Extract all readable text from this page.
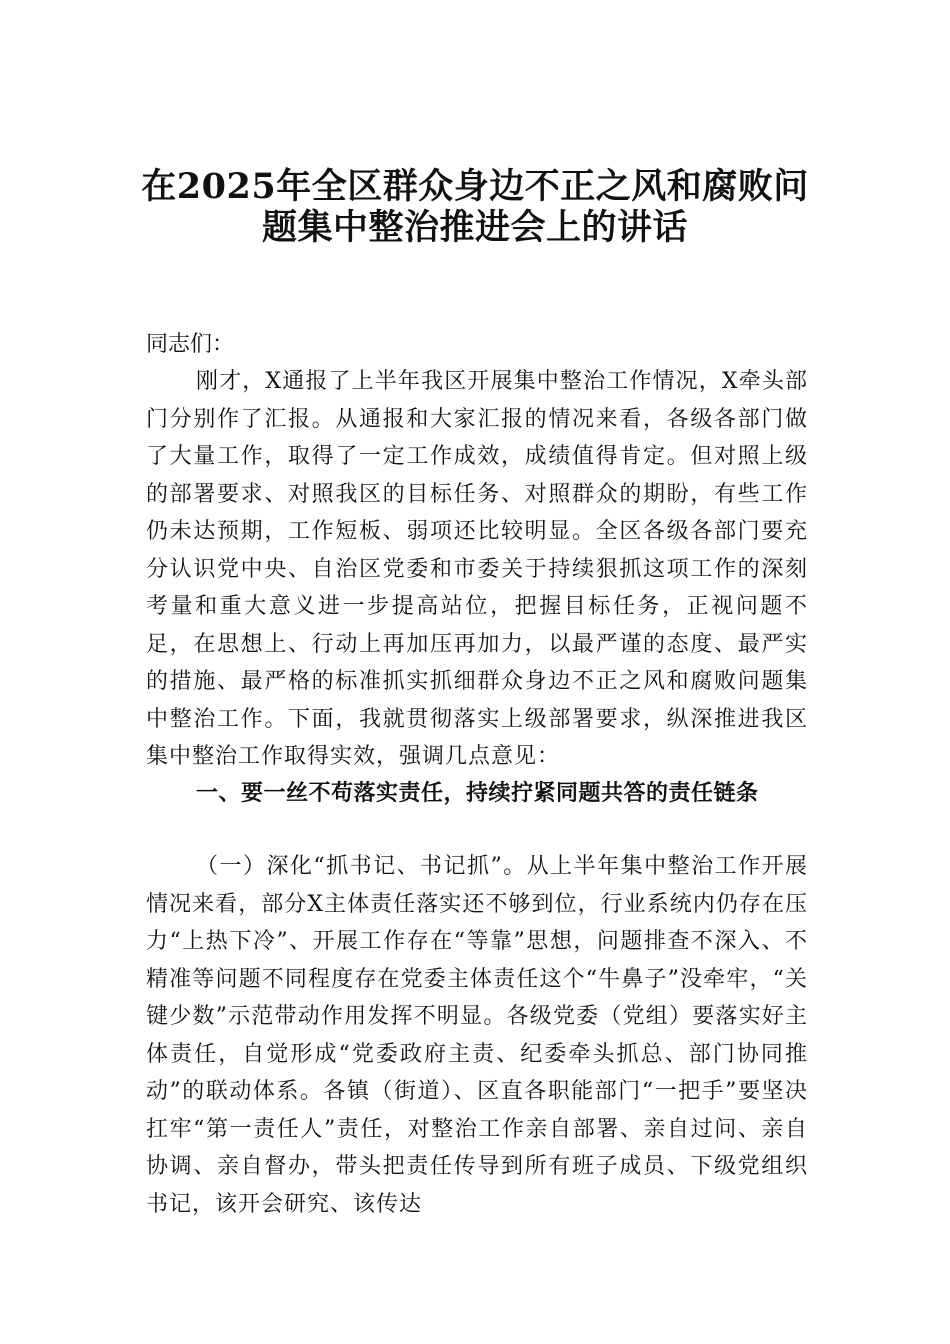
在2025年全区群众身边不正之风和腐败问
题集中整治推进会上的讲话

同志们：

刚才，X通报了上半年我区开展集中整治工作情况，X牵头部门分别作了汇报。从通报和大家汇报的情况来看，各级各部门做了大量工作，取得了一定工作成效，成绩值得肯定。但对照上级的部署要求、对照我区的目标任务、对照群众的期盼，有些工作仍未达预期，工作短板、弱项还比较明显。全区各级各部门要充分认识党中央、自治区党委和市委关于持续狠抓这项工作的深刻考量和重大意义进一步提高站位，把握目标任务，正视问题不足，在思想上、行动上再加压再加力，以最严谨的态度、最严实的措施、最严格的标准抓实抓细群众身边不正之风和腐败问题集中整治工作。下面，我就贯彻落实上级部署要求，纵深推进我区集中整治工作取得实效，强调几点意见：

一、要一丝不苟落实责任，持续拧紧同题共答的责任链条

（一）深化“抓书记、书记抓”。从上半年集中整治工作开展情况来看，部分X主体责任落实还不够到位，行业系统内仍存在压力“上热下冷”、开展工作存在“等靠”思想，问题排查不深入、不精准等问题不同程度存在党委主体责任这个“牛鼻子”没牵牢，“关键少数”示范带动作用发挥不明显。各级党委（党组）要落实好主体责任，自觉形成“党委政府主责、纪委牵头抓总、部门协同推动”的联动体系。各镇（街道）、区直各职能部门“一把手”要坚决扛牢“第一责任人”责任，对整治工作亲自部署、亲自过问、亲自协调、亲自督办，带头把责任传导到所有班子成员、下级党组织书记，该开会研究、该传达
